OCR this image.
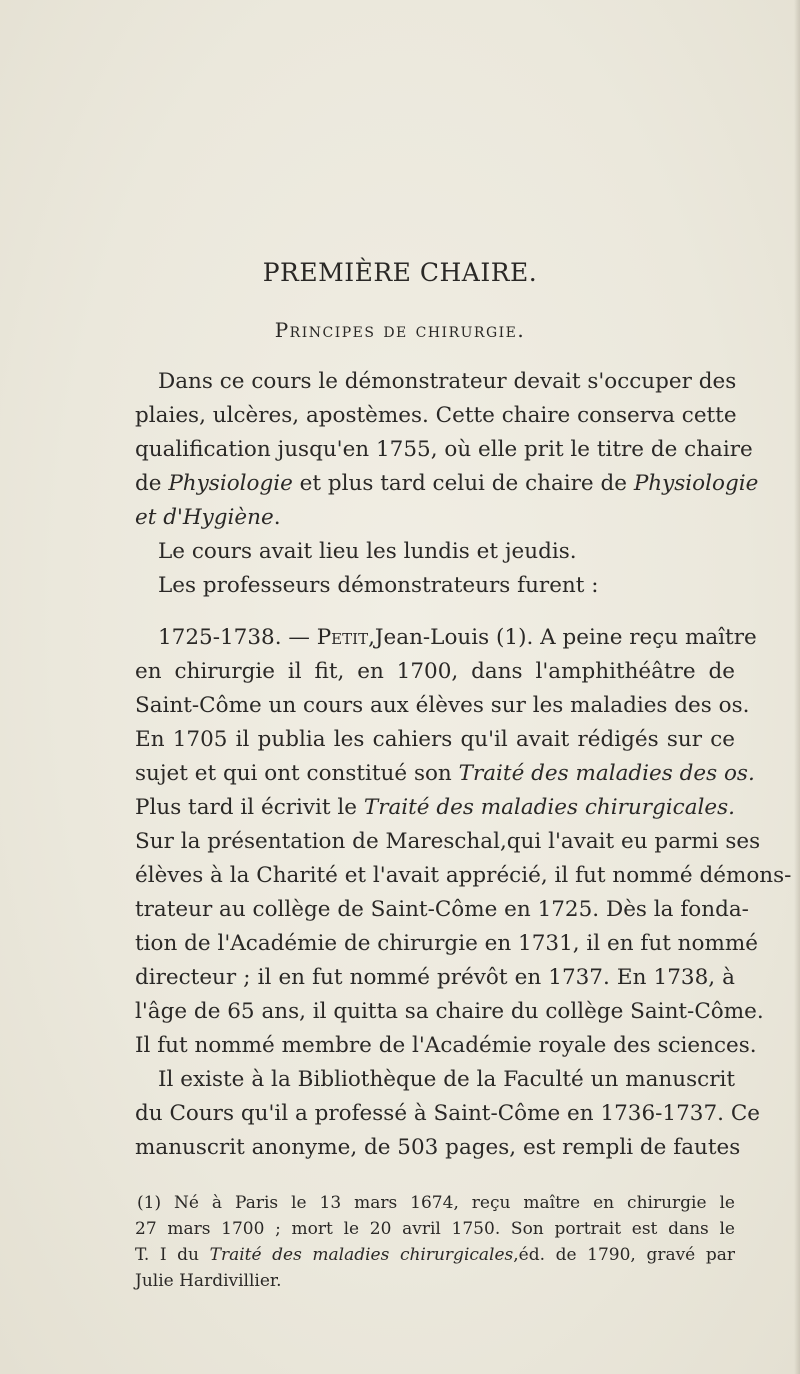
PREMIÈRE CHAIRE.
Principes de chirurgie.
Dans ce cours le démonstrateur devait s'occuper des
plaies, ulcères, apostèmes. Cette chaire conserva cette
qualification jusqu'en 1755, où elle prit le titre de chaire
de Physiologie et plus tard celui de chaire de Physiologie
et d'Hygiène.
Le cours avait lieu les lundis et jeudis.
Les professeurs démonstrateurs furent :
1725-1738. — Petit,Jean-Louis (1). A peine reçu maître
en chirurgie il fit, en 1700, dans l'amphithéâtre de
Saint-Côme un cours aux élèves sur les maladies des os.
En 1705 il publia les cahiers qu'il avait rédigés sur ce
sujet et qui ont constitué son Traité des maladies des os.
Plus tard il écrivit le Traité des maladies chirurgicales.
Sur la présentation de Mareschal,qui l'avait eu parmi ses
élèves à la Charité et l'avait apprécié, il fut nommé démons-
trateur au collège de Saint-Côme en 1725. Dès la fonda-
tion de l'Académie de chirurgie en 1731, il en fut nommé
directeur ; il en fut nommé prévôt en 1737. En 1738, à
l'âge de 65 ans, il quitta sa chaire du collège Saint-Côme.
Il fut nommé membre de l'Académie royale des sciences.
Il existe à la Bibliothèque de la Faculté un manuscrit
du Cours qu'il a professé à Saint-Côme en 1736-1737. Ce
manuscrit anonyme, de 503 pages, est rempli de fautes
(1) Né à Paris le 13 mars 1674, reçu maître en chirurgie le
27 mars 1700 ; mort le 20 avril 1750. Son portrait est dans le
T. I du Traité des maladies chirurgicales,éd. de 1790, gravé par
Julie Hardivillier.
